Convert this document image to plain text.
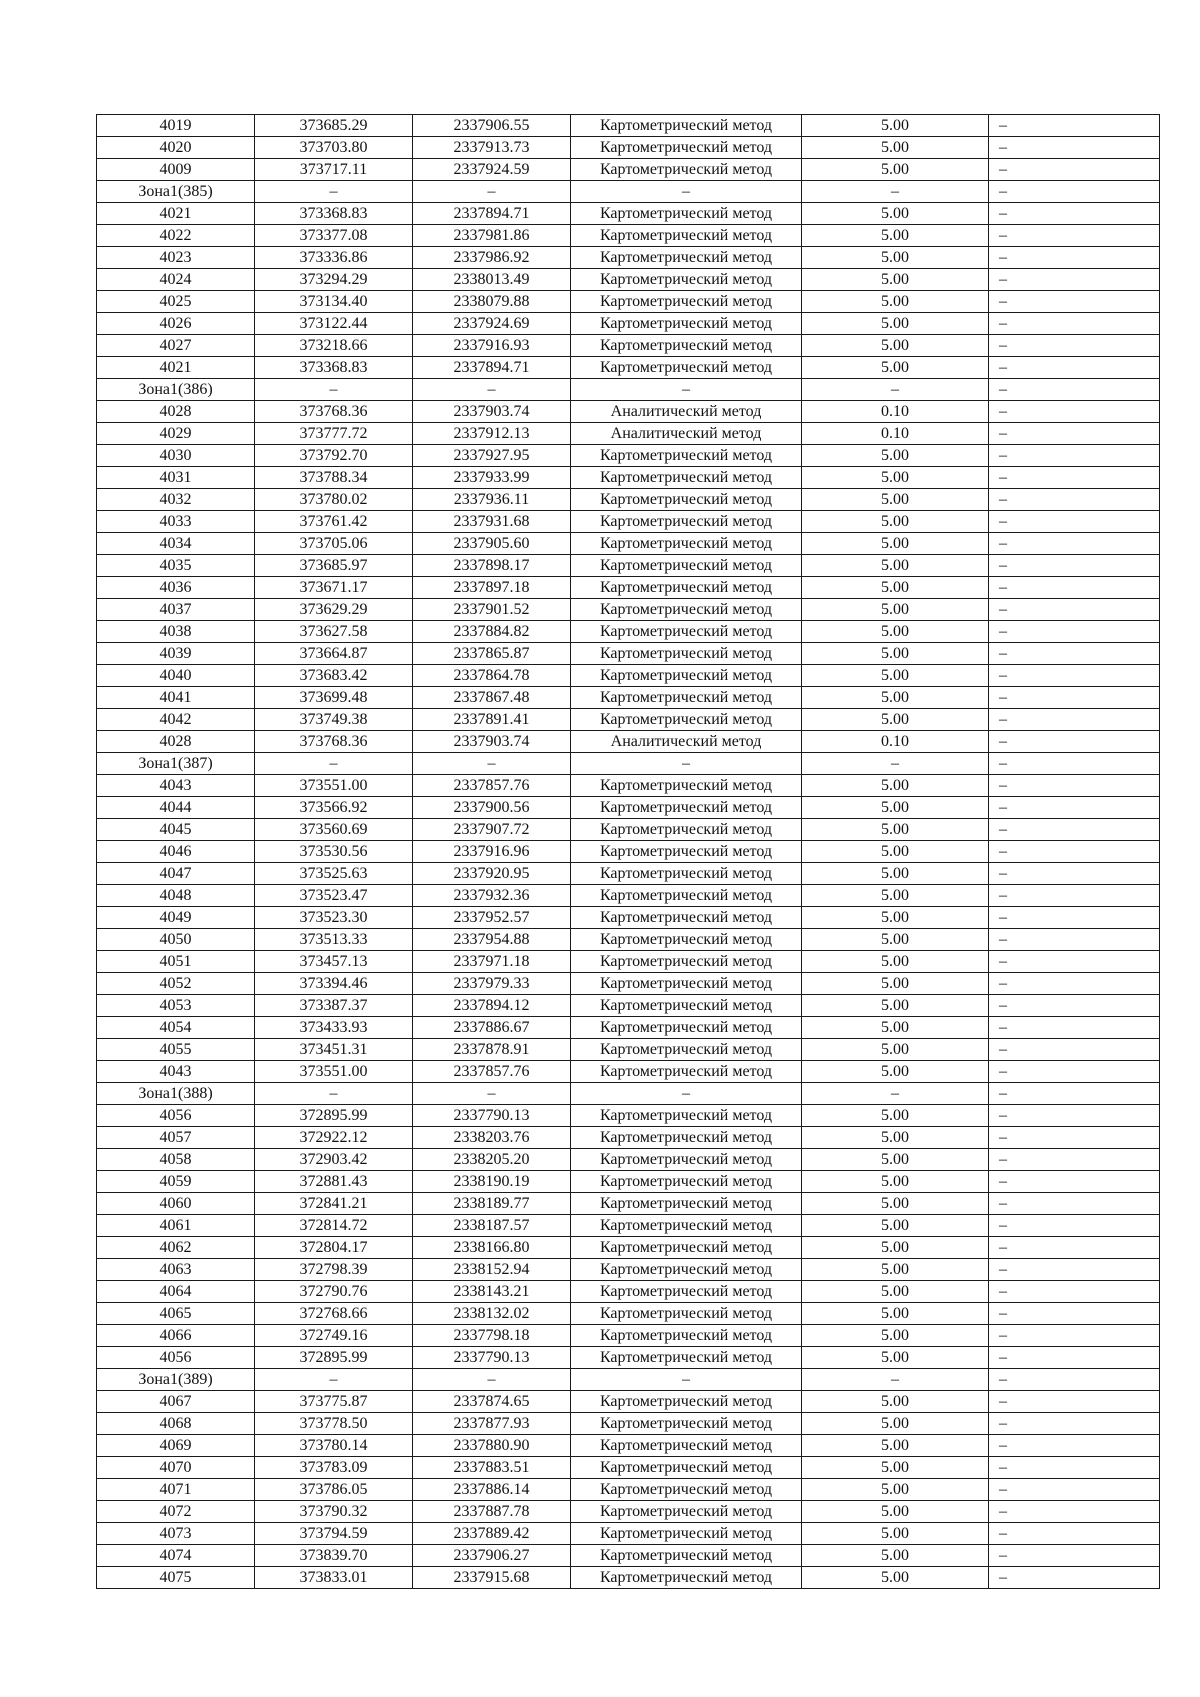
4019	373685.29	2337906.55	Картометрический метод	5.00	–
4020	373703.80	2337913.73	Картометрический метод	5.00	–
4009	373717.11	2337924.59	Картометрический метод	5.00	–
Зона1(385)	–	–	–	–	–
4021	373368.83	2337894.71	Картометрический метод	5.00	–
4022	373377.08	2337981.86	Картометрический метод	5.00	–
4023	373336.86	2337986.92	Картометрический метод	5.00	–
4024	373294.29	2338013.49	Картометрический метод	5.00	–
4025	373134.40	2338079.88	Картометрический метод	5.00	–
4026	373122.44	2337924.69	Картометрический метод	5.00	–
4027	373218.66	2337916.93	Картометрический метод	5.00	–
4021	373368.83	2337894.71	Картометрический метод	5.00	–
Зона1(386)	–	–	–	–	–
4028	373768.36	2337903.74	Аналитический метод	0.10	–
4029	373777.72	2337912.13	Аналитический метод	0.10	–
4030	373792.70	2337927.95	Картометрический метод	5.00	–
4031	373788.34	2337933.99	Картометрический метод	5.00	–
4032	373780.02	2337936.11	Картометрический метод	5.00	–
4033	373761.42	2337931.68	Картометрический метод	5.00	–
4034	373705.06	2337905.60	Картометрический метод	5.00	–
4035	373685.97	2337898.17	Картометрический метод	5.00	–
4036	373671.17	2337897.18	Картометрический метод	5.00	–
4037	373629.29	2337901.52	Картометрический метод	5.00	–
4038	373627.58	2337884.82	Картометрический метод	5.00	–
4039	373664.87	2337865.87	Картометрический метод	5.00	–
4040	373683.42	2337864.78	Картометрический метод	5.00	–
4041	373699.48	2337867.48	Картометрический метод	5.00	–
4042	373749.38	2337891.41	Картометрический метод	5.00	–
4028	373768.36	2337903.74	Аналитический метод	0.10	–
Зона1(387)	–	–	–	–	–
4043	373551.00	2337857.76	Картометрический метод	5.00	–
4044	373566.92	2337900.56	Картометрический метод	5.00	–
4045	373560.69	2337907.72	Картометрический метод	5.00	–
4046	373530.56	2337916.96	Картометрический метод	5.00	–
4047	373525.63	2337920.95	Картометрический метод	5.00	–
4048	373523.47	2337932.36	Картометрический метод	5.00	–
4049	373523.30	2337952.57	Картометрический метод	5.00	–
4050	373513.33	2337954.88	Картометрический метод	5.00	–
4051	373457.13	2337971.18	Картометрический метод	5.00	–
4052	373394.46	2337979.33	Картометрический метод	5.00	–
4053	373387.37	2337894.12	Картометрический метод	5.00	–
4054	373433.93	2337886.67	Картометрический метод	5.00	–
4055	373451.31	2337878.91	Картометрический метод	5.00	–
4043	373551.00	2337857.76	Картометрический метод	5.00	–
Зона1(388)	–	–	–	–	–
4056	372895.99	2337790.13	Картометрический метод	5.00	–
4057	372922.12	2338203.76	Картометрический метод	5.00	–
4058	372903.42	2338205.20	Картометрический метод	5.00	–
4059	372881.43	2338190.19	Картометрический метод	5.00	–
4060	372841.21	2338189.77	Картометрический метод	5.00	–
4061	372814.72	2338187.57	Картометрический метод	5.00	–
4062	372804.17	2338166.80	Картометрический метод	5.00	–
4063	372798.39	2338152.94	Картометрический метод	5.00	–
4064	372790.76	2338143.21	Картометрический метод	5.00	–
4065	372768.66	2338132.02	Картометрический метод	5.00	–
4066	372749.16	2337798.18	Картометрический метод	5.00	–
4056	372895.99	2337790.13	Картометрический метод	5.00	–
Зона1(389)	–	–	–	–	–
4067	373775.87	2337874.65	Картометрический метод	5.00	–
4068	373778.50	2337877.93	Картометрический метод	5.00	–
4069	373780.14	2337880.90	Картометрический метод	5.00	–
4070	373783.09	2337883.51	Картометрический метод	5.00	–
4071	373786.05	2337886.14	Картометрический метод	5.00	–
4072	373790.32	2337887.78	Картометрический метод	5.00	–
4073	373794.59	2337889.42	Картометрический метод	5.00	–
4074	373839.70	2337906.27	Картометрический метод	5.00	–
4075	373833.01	2337915.68	Картометрический метод	5.00	–
